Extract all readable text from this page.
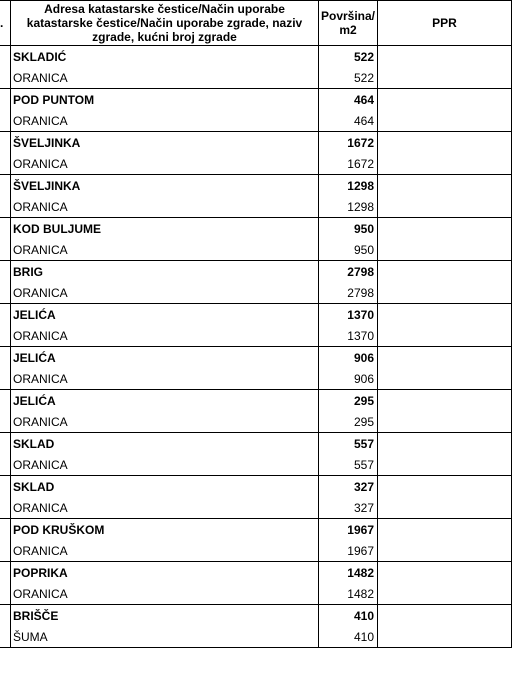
.	Adresa katastarske čestice/Način uporabe katastarske čestice/Način uporabe zgrade, naziv zgrade, kućni broj zgrade	Površina/ m2	PPR
	SKLADIĆ	522	
	ORANICA	522	
	POD PUNTOM	464	
	ORANICA	464	
	ŠVELJINKA	1672	
	ORANICA	1672	
	ŠVELJINKA	1298	
	ORANICA	1298	
	KOD BULJUME	950	
	ORANICA	950	
	BRIG	2798	
	ORANICA	2798	
	JELIĆA	1370	
	ORANICA	1370	
	JELIĆA	906	
	ORANICA	906	
	JELIĆA	295	
	ORANICA	295	
	SKLAD	557	
	ORANICA	557	
	SKLAD	327	
	ORANICA	327	
	POD KRUŠKOM	1967	
	ORANICA	1967	
	POPRIKA	1482	
	ORANICA	1482	
	BRIŠČE	410	
	ŠUMA	410	
